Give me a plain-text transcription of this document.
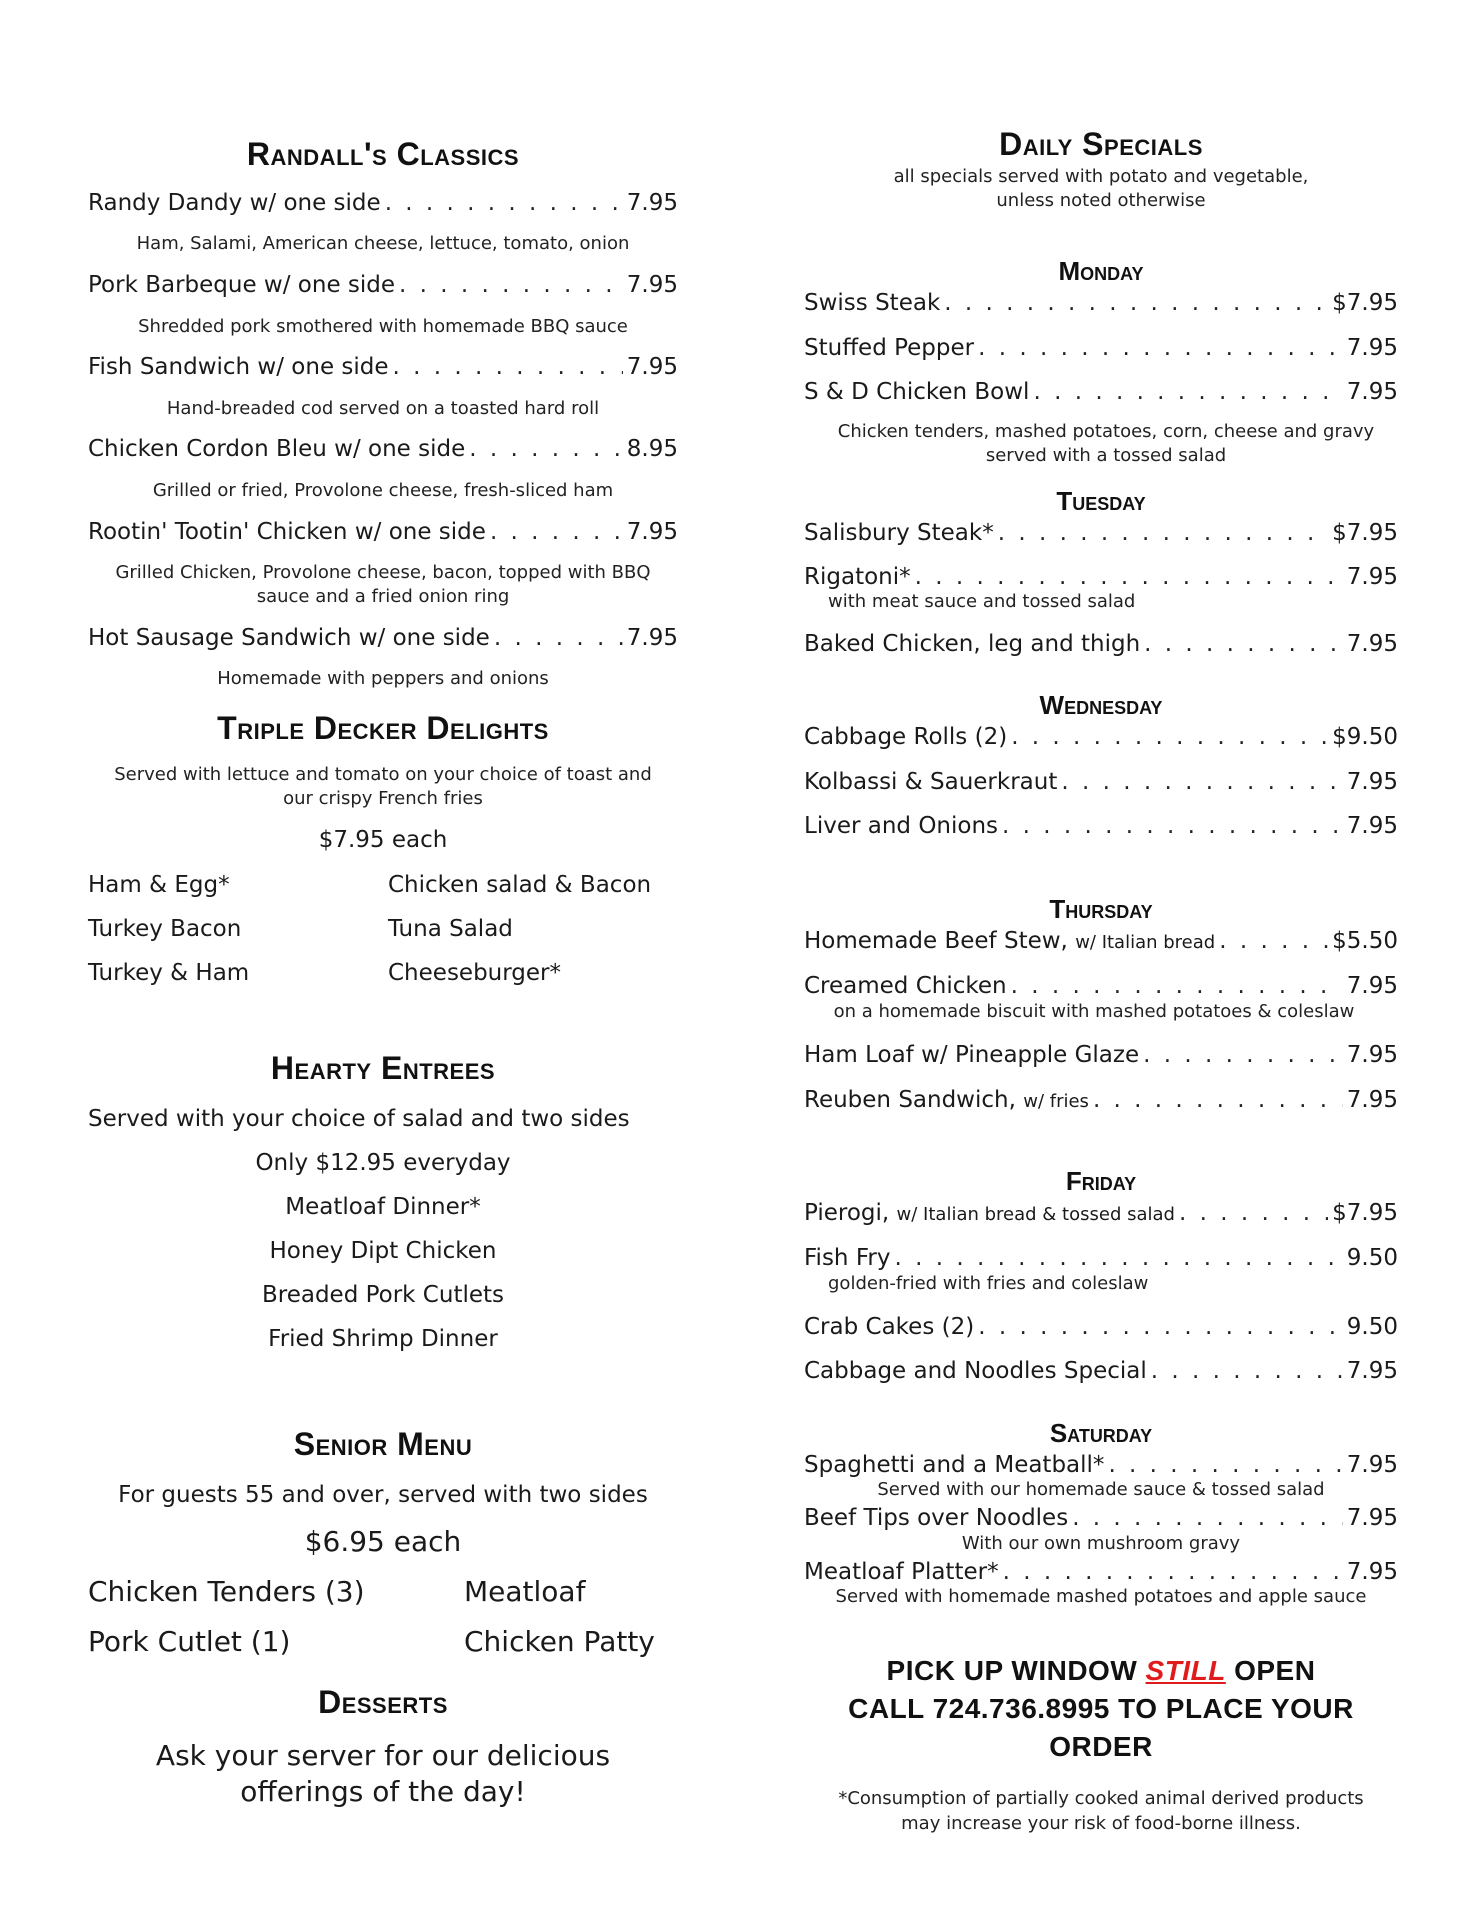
Randall's Classics
Randy Dandy w/ one side . . .	7.95
Ham, Salami, American cheese, lettuce, tomato, onion
Pork Barbeque w/ one side . . .	7.95
Shredded pork smothered with homemade BBQ sauce
Fish Sandwich w/ one side . . .	7.95
Hand-breaded cod served on a toasted hard roll
Chicken Cordon Bleu w/ one side . . .	8.95
Grilled or fried, Provolone cheese, fresh-sliced ham
Rootin' Tootin' Chicken w/ one side . . .	7.95
Grilled Chicken, Provolone cheese, bacon, topped with BBQ sauce and a fried onion ring
Hot Sausage Sandwich w/ one side . . .	7.95
Homemade with peppers and onions
Triple Decker Delights
Served with lettuce and tomato on your choice of toast and our crispy French fries
$7.95 each
Ham & Egg*	Chicken salad & Bacon
Turkey Bacon	Tuna Salad
Turkey & Ham	Cheeseburger*
Hearty Entrees
Served with your choice of salad and two sides
Only $12.95 everyday
Meatloaf Dinner*
Honey Dipt Chicken
Breaded Pork Cutlets
Fried Shrimp Dinner
Senior Menu
For guests 55 and over, served with two sides
$6.95 each
Chicken Tenders (3)	Meatloaf
Pork Cutlet (1)	Chicken Patty
Desserts
Ask your server for our delicious offerings of the day!
Daily Specials
all specials served with potato and vegetable,
unless noted otherwise
Monday
Swiss Steak . . .	$7.95
Stuffed Pepper . . .	7.95
S & D Chicken Bowl . . .	7.95
Chicken tenders, mashed potatoes, corn, cheese and gravy served with a tossed salad
Tuesday
Salisbury Steak* . . .	$7.95
Rigatoni* . . .	7.95
with meat sauce and tossed salad
Baked Chicken, leg and thigh . . .	7.95
Wednesday
Cabbage Rolls (2) . . .	$9.50
Kolbassi & Sauerkraut . . .	7.95
Liver and Onions . . .	7.95
Thursday
Homemade Beef Stew, w/ Italian bread . . .	$5.50
Creamed Chicken . . .	7.95
on a homemade biscuit with mashed potatoes & coleslaw
Ham Loaf w/ Pineapple Glaze . . .	7.95
Reuben Sandwich, w/ fries . . .	7.95
Friday
Pierogi, w/ Italian bread & tossed salad . . .	$7.95
Fish Fry . . .	9.50
golden-fried with fries and coleslaw
Crab Cakes (2) . . .	9.50
Cabbage and Noodles Special . . .	7.95
Saturday
Spaghetti and a Meatball* . . .	7.95
Served with our homemade sauce & tossed salad
Beef Tips over Noodles . . .	7.95
With our own mushroom gravy
Meatloaf Platter* . . .	7.95
Served with homemade mashed potatoes and apple sauce
PICK UP WINDOW STILL OPEN
CALL 724.736.8995 TO PLACE YOUR ORDER
*Consumption of partially cooked animal derived products
may increase your risk of food-borne illness.
